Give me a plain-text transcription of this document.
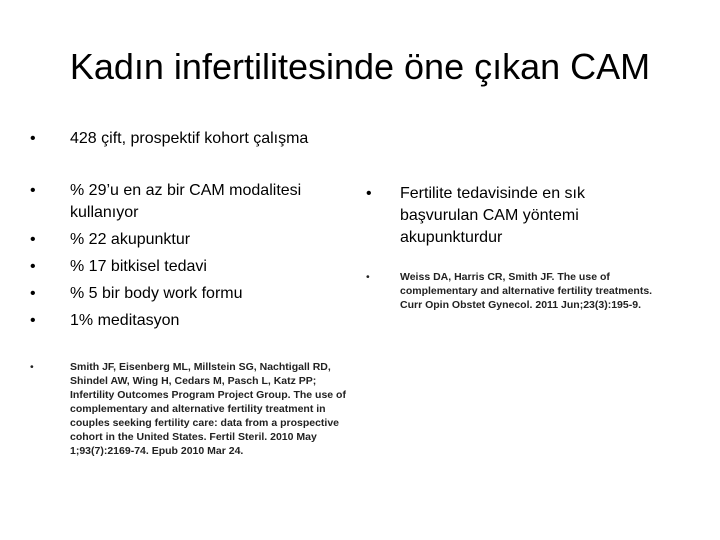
Kadın infertilitesinde öne çıkan CAM
•	428 çift, prospektif kohort çalışma
•	% 29’u en az bir CAM modalitesi kullanıyor
•	% 22 akupunktur
•	% 17 bitkisel tedavi
•	% 5 bir body work formu
•	1% meditasyon
•	Smith JF, Eisenberg ML, Millstein SG, Nachtigall RD, Shindel AW, Wing H, Cedars M, Pasch L, Katz PP; Infertility Outcomes Program Project Group. The use of complementary and alternative fertility treatment in couples seeking fertility care: data from a prospective cohort in the United States. Fertil Steril. 2010 May 1;93(7):2169-74. Epub 2010 Mar 24.
•	Fertilite tedavisinde en sık başvurulan CAM yöntemi akupunkturdur
•	Weiss DA, Harris CR, Smith JF. The use of complementary and alternative fertility treatments. Curr Opin Obstet Gynecol. 2011 Jun;23(3):195-9.
